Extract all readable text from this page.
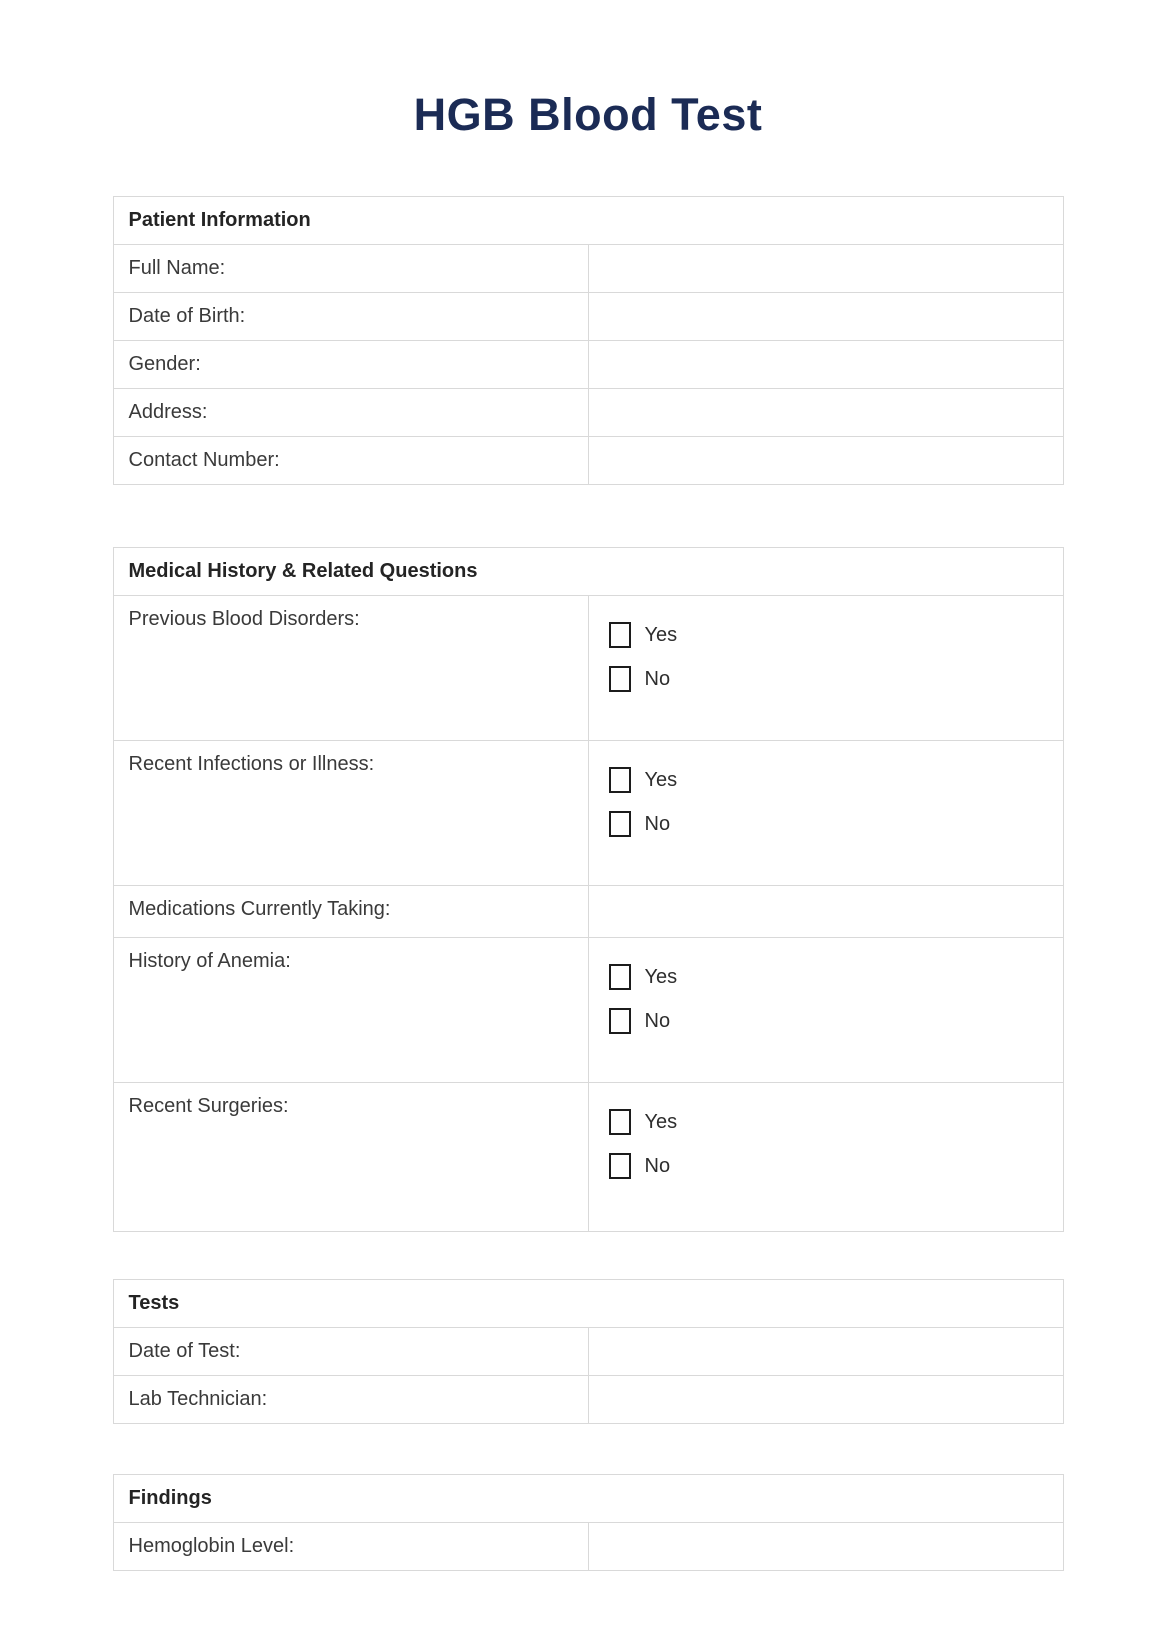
HGB Blood Test
Patient Information	
Full Name:	
Date of Birth:	
Gender:	
Address:	
Contact Number:	
Medical History & Related Questions	
Previous Blood Disorders:	Yes
No

Recent Infections or Illness:	Yes
No

Medications Currently Taking:	
History of Anemia:	Yes
No

Recent Surgeries:	Yes
No
Tests	
Date of Test:	
Lab Technician:	
Findings
Hemoglobin Level:	
